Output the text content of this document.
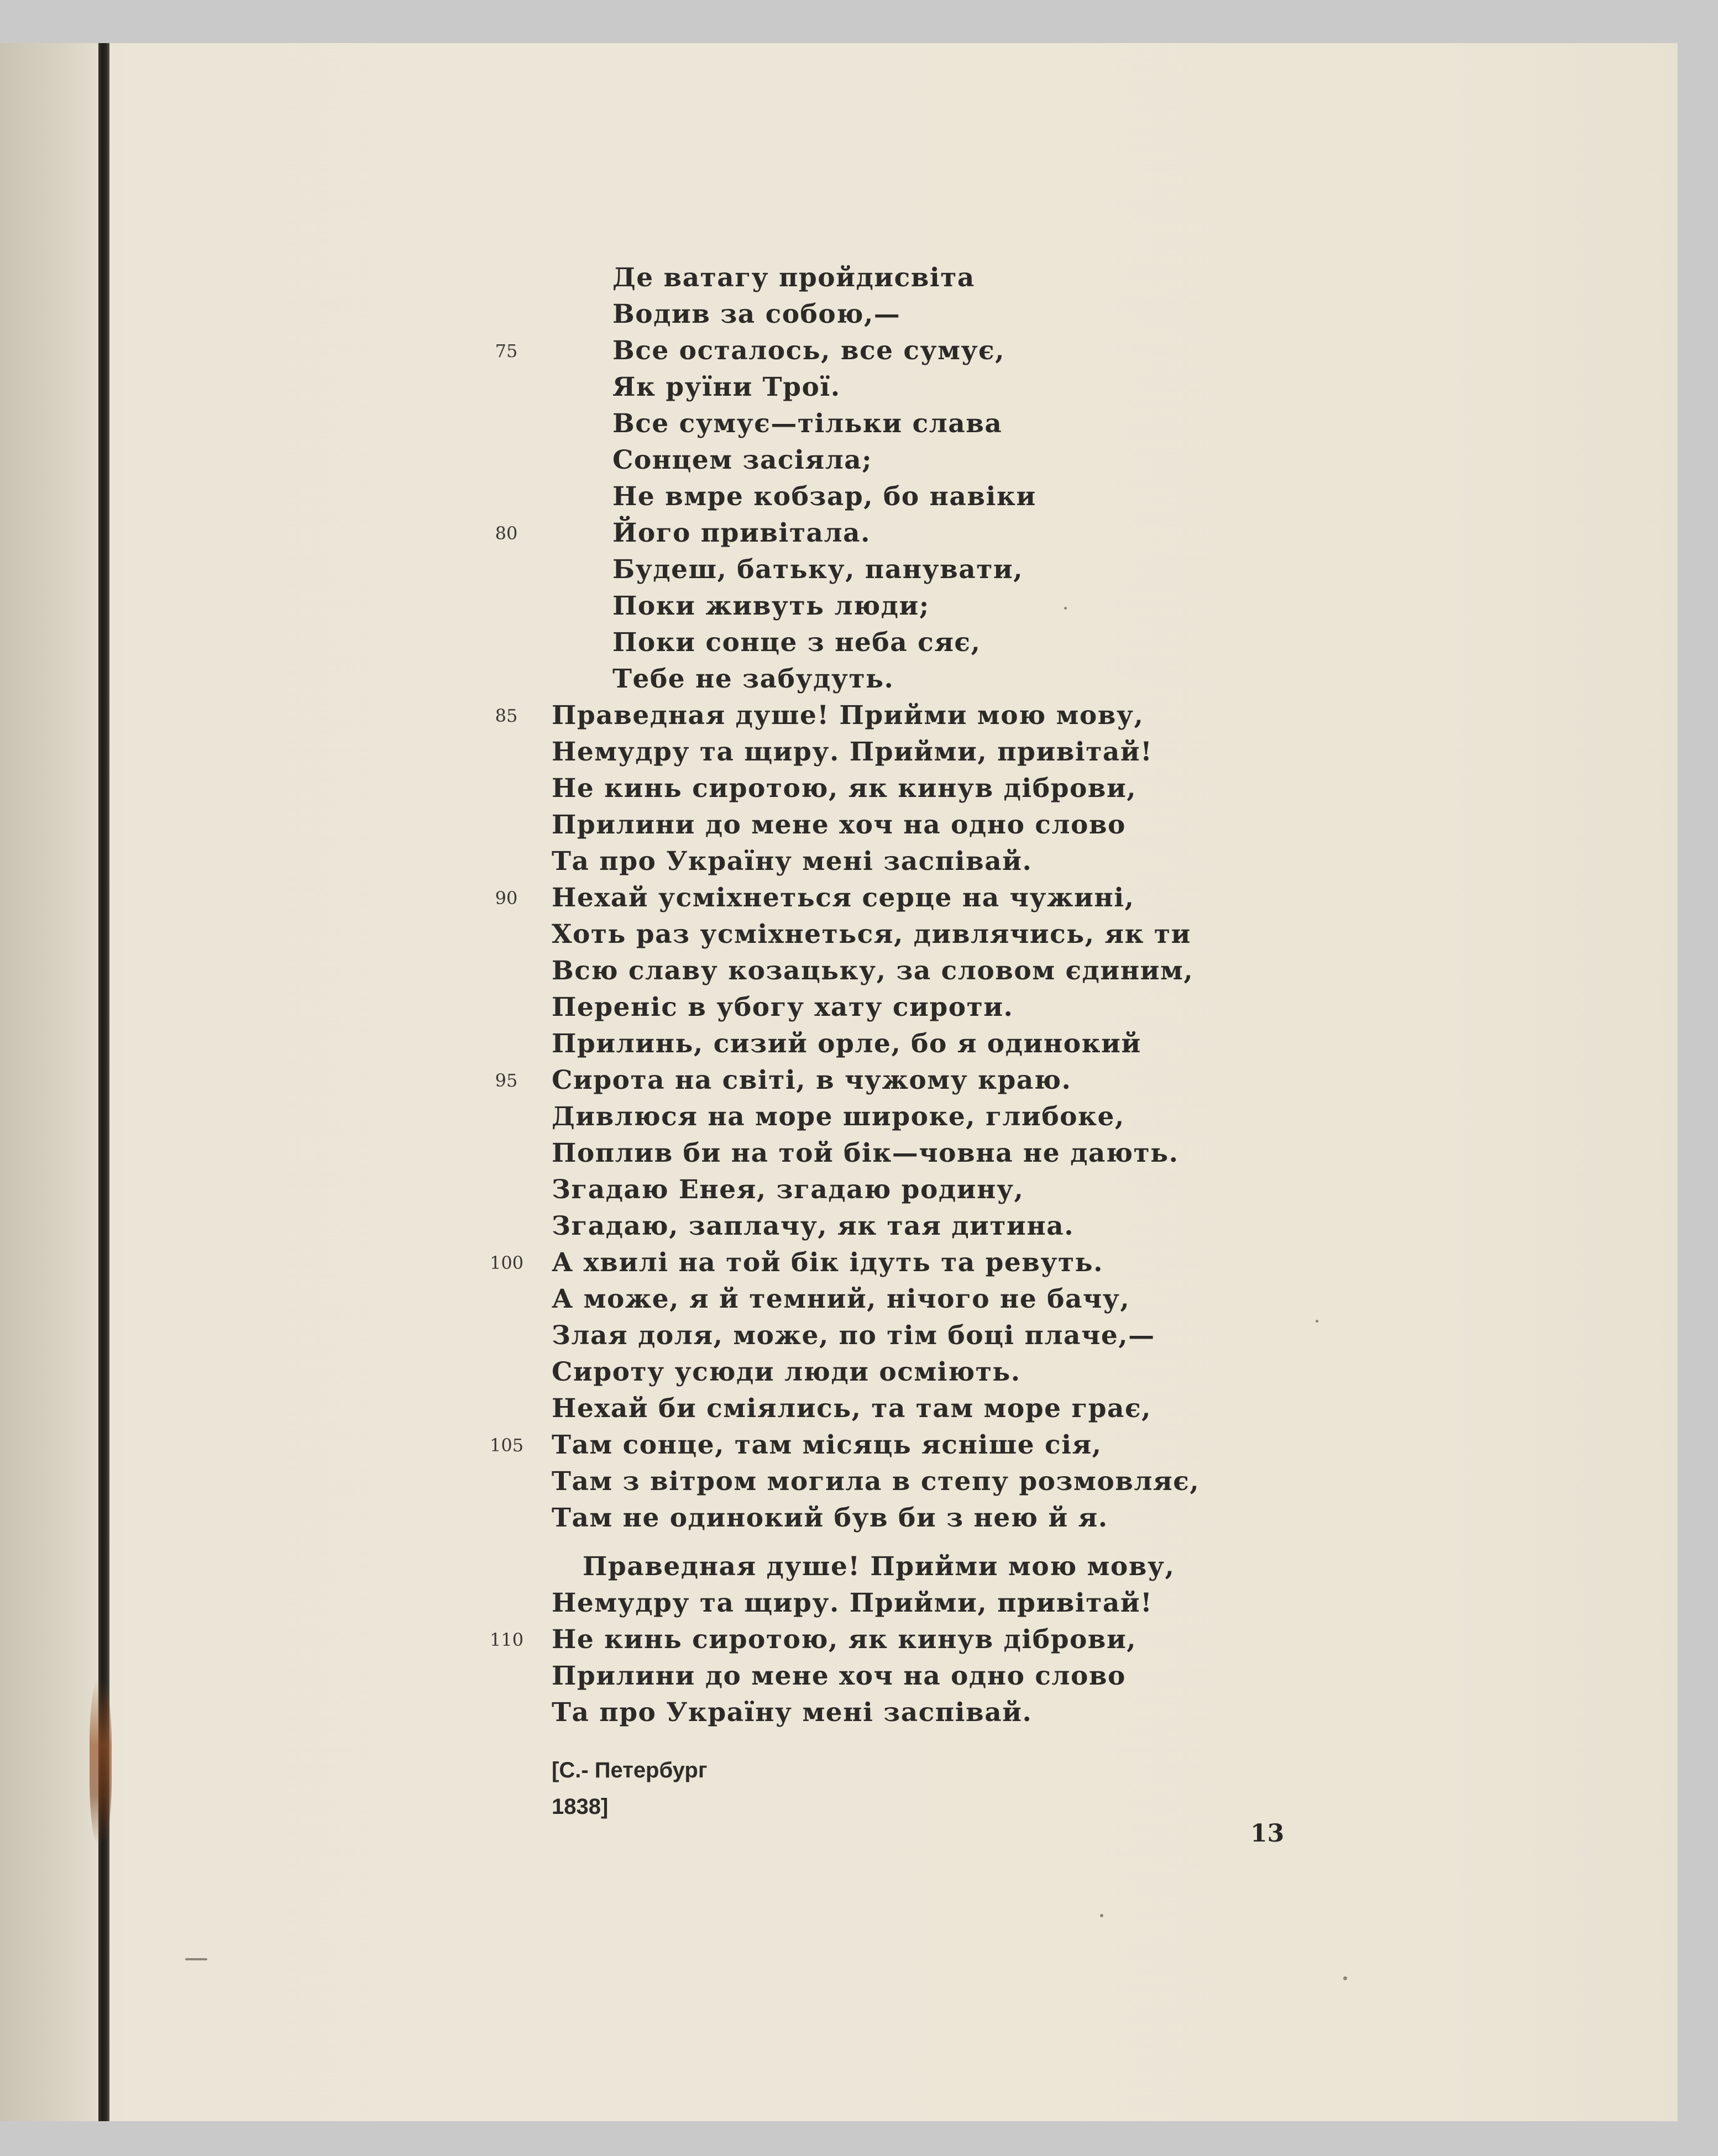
Де ватагу пройдисвіта
Водив за собою,—
75	Все осталось, все сумує,
Як руїни Трої.
Все сумує—тільки слава
Сонцем засіяла;
Не вмре кобзар, бо навіки
80	Його привітала.
Будеш, батьку, панувати,
Поки живуть люди;
Поки сонце з неба сяє,
Тебе не забудуть.
85 Праведная душе! Прийми мою мову,
Немудру та щиру. Прийми, привітай!
Не кинь сиротою, як кинув діброви,
Прилини до мене хоч на одно слово
Та про Україну мені заспівай.
90 Нехай усміхнеться серце на чужині,
Хоть раз усміхнеться, дивлячись, як ти
Всю славу козацьку, за словом єдиним,
Переніс в убогу хату сироти.
Прилинь, сизий орле, бо я одинокий
95 Сирота на світі, в чужому краю.
Дивлюся на море широке, глибоке,
Поплив би на той бік—човна не дають.
Згадаю Енея, згадаю родину,
Згадаю, заплачу, як тая дитина.
100 А хвилі на той бік ідуть та ревуть.
А може, я й темний, нічого не бачу,
Злая доля, може, по тім боці плаче,—
Сироту усюди люди осміють.
Нехай би сміялись, та там море грає,
105 Там сонце, там місяць ясніше сія,
Там з вітром могила в степу розмовляє,
Там не одинокий був би з нею й я.
Праведная душе! Прийми мою мову,
Немудру та щиру. Прийми, привітай!
110 Не кинь сиротою, як кинув діброви,
Прилини до мене хоч на одно слово
Та про Україну мені заспівай.
[С.- Петербург
1838]
13
